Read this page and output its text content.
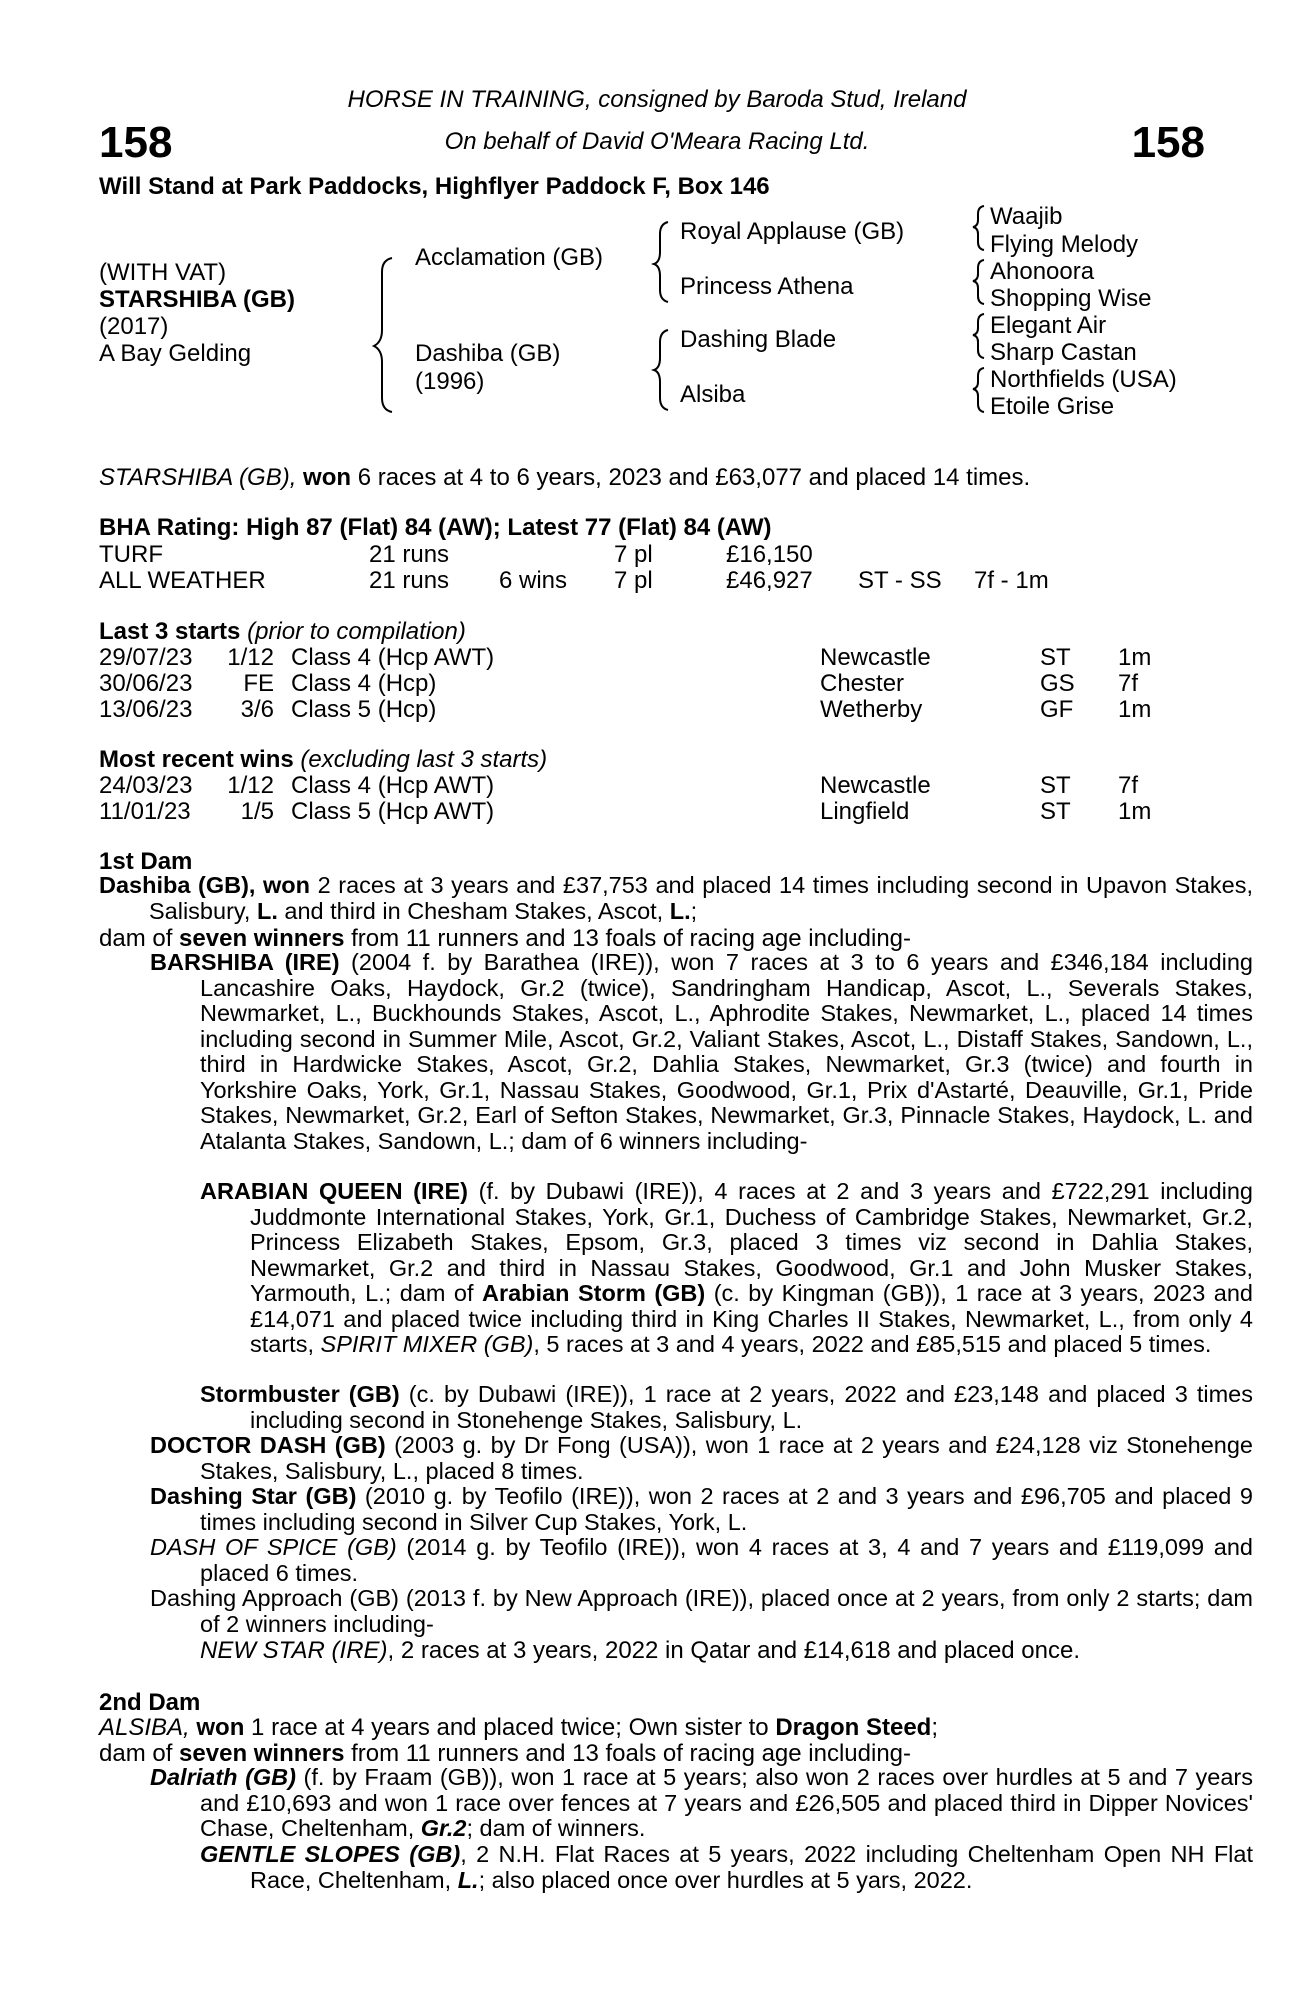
158	158
HORSE IN TRAINING, consigned by Baroda Stud, Ireland
On behalf of David O'Meara Racing Ltd.
Will Stand at Park Paddocks, Highflyer Paddock F, Box 146
(WITH VAT)
STARSHIBA (GB)
(2017)
A Bay Gelding
Acclamation (GB)
Dashiba (GB)
(1996)
Royal Applause (GB)
Princess Athena
Dashing Blade
Alsiba
Waajib
Flying Melody
Ahonoora
Shopping Wise
Elegant Air
Sharp Castan
Northfields (USA)
Etoile Grise
STARSHIBA (GB), won 6 races at 4 to 6 years, 2023 and £63,077 and placed 14 times.
BHA Rating: High 87 (Flat) 84 (AW); Latest 77 (Flat) 84 (AW)
TURF	21 runs	7 pl	£16,150
ALL WEATHER	21 runs 6 wins 7 pl	£46,927 ST - SS 7f - 1m
Last 3 starts (prior to compilation)
29/07/23 1/12 Class 4 (Hcp AWT)	Newcastle	ST 1m
30/06/23	FE Class 4 (Hcp)	Chester	GS 7f
13/06/23	3/6 Class 5 (Hcp)	Wetherby	GF 1m
Most recent wins (excluding last 3 starts)
24/03/23 1/12 Class 4 (Hcp AWT)	Newcastle	ST 7f
11/01/23	1/5 Class 5 (Hcp AWT)	Lingfield	ST 1m
1st Dam
Dashiba (GB), won 2 races at 3 years and £37,753 and placed 14 times including second in Upavon Stakes, Salisbury, L. and third in Chesham Stakes, Ascot, L.;
dam of seven winners from 11 runners and 13 foals of racing age including-
BARSHIBA (IRE) (2004 f. by Barathea (IRE)), won 7 races at 3 to 6 years and £346,184 including Lancashire Oaks, Haydock, Gr.2 (twice), Sandringham Handicap, Ascot, L., Severals Stakes, Newmarket, L., Buckhounds Stakes, Ascot, L., Aphrodite Stakes, Newmarket, L., placed 14 times including second in Summer Mile, Ascot, Gr.2, Valiant Stakes, Ascot, L., Distaff Stakes, Sandown, L., third in Hardwicke Stakes, Ascot, Gr.2, Dahlia Stakes, Newmarket, Gr.3 (twice) and fourth in Yorkshire Oaks, York, Gr.1, Nassau Stakes, Goodwood, Gr.1, Prix d'Astarté, Deauville, Gr.1, Pride Stakes, Newmarket, Gr.2, Earl of Sefton Stakes, Newmarket, Gr.3, Pinnacle Stakes, Haydock, L. and Atalanta Stakes, Sandown, L.; dam of 6 winners including-
ARABIAN QUEEN (IRE) (f. by Dubawi (IRE)), 4 races at 2 and 3 years and £722,291 including Juddmonte International Stakes, York, Gr.1, Duchess of Cambridge Stakes, Newmarket, Gr.2, Princess Elizabeth Stakes, Epsom, Gr.3, placed 3 times viz second in Dahlia Stakes, Newmarket, Gr.2 and third in Nassau Stakes, Goodwood, Gr.1 and John Musker Stakes, Yarmouth, L.; dam of Arabian Storm (GB) (c. by Kingman (GB)), 1 race at 3 years, 2023 and £14,071 and placed twice including third in King Charles II Stakes, Newmarket, L., from only 4 starts, SPIRIT MIXER (GB), 5 races at 3 and 4 years, 2022 and £85,515 and placed 5 times.
Stormbuster (GB) (c. by Dubawi (IRE)), 1 race at 2 years, 2022 and £23,148 and placed 3 times including second in Stonehenge Stakes, Salisbury, L.
DOCTOR DASH (GB) (2003 g. by Dr Fong (USA)), won 1 race at 2 years and £24,128 viz Stonehenge Stakes, Salisbury, L., placed 8 times.
Dashing Star (GB) (2010 g. by Teofilo (IRE)), won 2 races at 2 and 3 years and £96,705 and placed 9 times including second in Silver Cup Stakes, York, L.
DASH OF SPICE (GB) (2014 g. by Teofilo (IRE)), won 4 races at 3, 4 and 7 years and £119,099 and placed 6 times.
Dashing Approach (GB) (2013 f. by New Approach (IRE)), placed once at 2 years, from only 2 starts; dam of 2 winners including-
NEW STAR (IRE), 2 races at 3 years, 2022 in Qatar and £14,618 and placed once.
2nd Dam
ALSIBA, won 1 race at 4 years and placed twice; Own sister to Dragon Steed;
dam of seven winners from 11 runners and 13 foals of racing age including-
Dalriath (GB) (f. by Fraam (GB)), won 1 race at 5 years; also won 2 races over hurdles at 5 and 7 years and £10,693 and won 1 race over fences at 7 years and £26,505 and placed third in Dipper Novices' Chase, Cheltenham, Gr.2; dam of winners.
GENTLE SLOPES (GB), 2 N.H. Flat Races at 5 years, 2022 including Cheltenham Open NH Flat Race, Cheltenham, L.; also placed once over hurdles at 5 yars, 2022.
